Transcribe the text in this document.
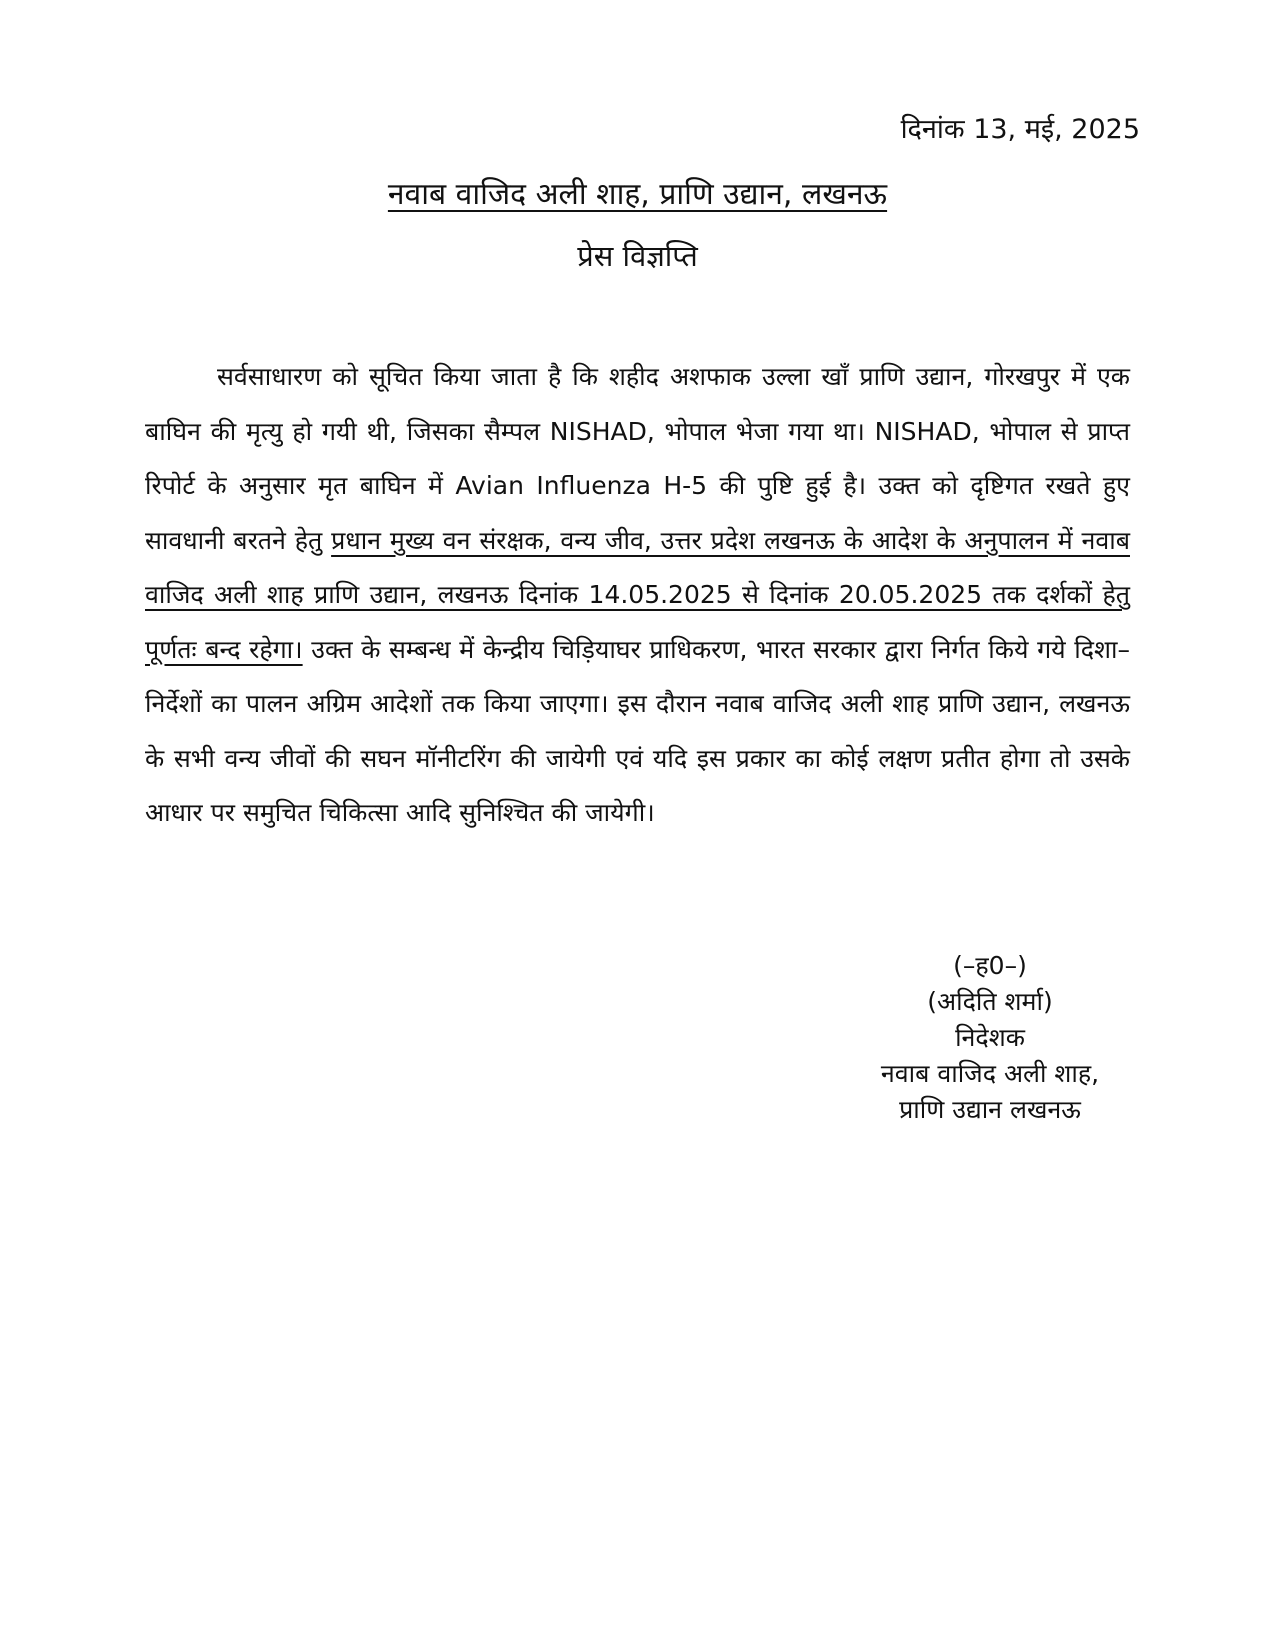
दिनांक 13, मई, 2025
नवाब वाजिद अली शाह, प्राणि उद्यान, लखनऊ
प्रेस विज्ञप्ति

सर्वसाधारण को सूचित किया जाता है कि शहीद अशफाक उल्ला खाँ प्राणि उद्यान, गोरखपुर में एक बाघिन की मृत्यु हो गयी थी, जिसका सैम्पल NISHAD, भोपाल भेजा गया था। NISHAD, भोपाल से प्राप्त रिपोर्ट के अनुसार मृत बाघिन में Avian Influenza H-5 की पुष्टि हुई है। उक्त को दृष्टिगत रखते हुए सावधानी बरतने हेतु प्रधान मुख्य वन संरक्षक, वन्य जीव, उत्तर प्रदेश लखनऊ के आदेश के अनुपालन में नवाब वाजिद अली शाह प्राणि उद्यान, लखनऊ दिनांक 14.05.2025 से दिनांक 20.05.2025 तक दर्शकों हेतु पूर्णतः बन्द रहेगा। उक्त के सम्बन्ध में केन्द्रीय चिड़ियाघर प्राधिकरण, भारत सरकार द्वारा निर्गत किये गये दिशा–निर्देशों का पालन अग्रिम आदेशों तक किया जाएगा। इस दौरान नवाब वाजिद अली शाह प्राणि उद्यान, लखनऊ के सभी वन्य जीवों की सघन मॉनीटरिंग की जायेगी एवं यदि इस प्रकार का कोई लक्षण प्रतीत होगा तो उसके आधार पर समुचित चिकित्सा आदि सुनिश्चित की जायेगी।

(–ह0–)
(अदिति शर्मा)
निदेशक
नवाब वाजिद अली शाह,
प्राणि उद्यान लखनऊ
